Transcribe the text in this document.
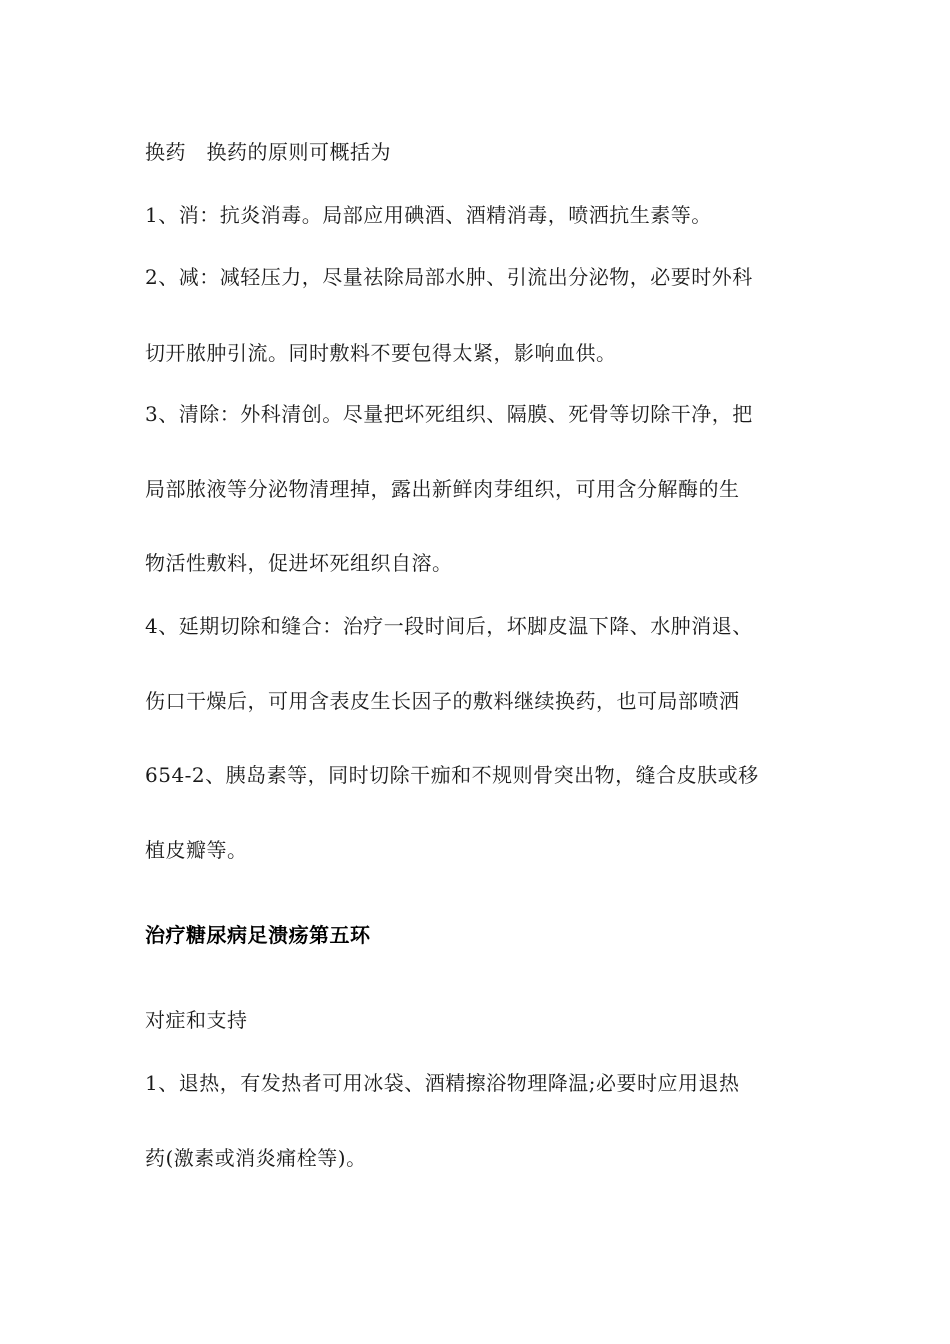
换药　换药的原则可概括为
1、消：抗炎消毒。局部应用碘酒、酒精消毒，喷洒抗生素等。
2、减：减轻压力，尽量祛除局部水肿、引流出分泌物，必要时外科
切开脓肿引流。同时敷料不要包得太紧，影响血供。
3、清除：外科清创。尽量把坏死组织、隔膜、死骨等切除干净，把
局部脓液等分泌物清理掉，露出新鲜肉芽组织，可用含分解酶的生
物活性敷料，促进坏死组织自溶。
4、延期切除和缝合：治疗一段时间后，坏脚皮温下降、水肿消退、
伤口干燥后，可用含表皮生长因子的敷料继续换药，也可局部喷洒
654-2、胰岛素等，同时切除干痂和不规则骨突出物，缝合皮肤或移
植皮瓣等。
治疗糖尿病足溃疡第五环
对症和支持
1、退热，有发热者可用冰袋、酒精擦浴物理降温;必要时应用退热
药(激素或消炎痛栓等)。
